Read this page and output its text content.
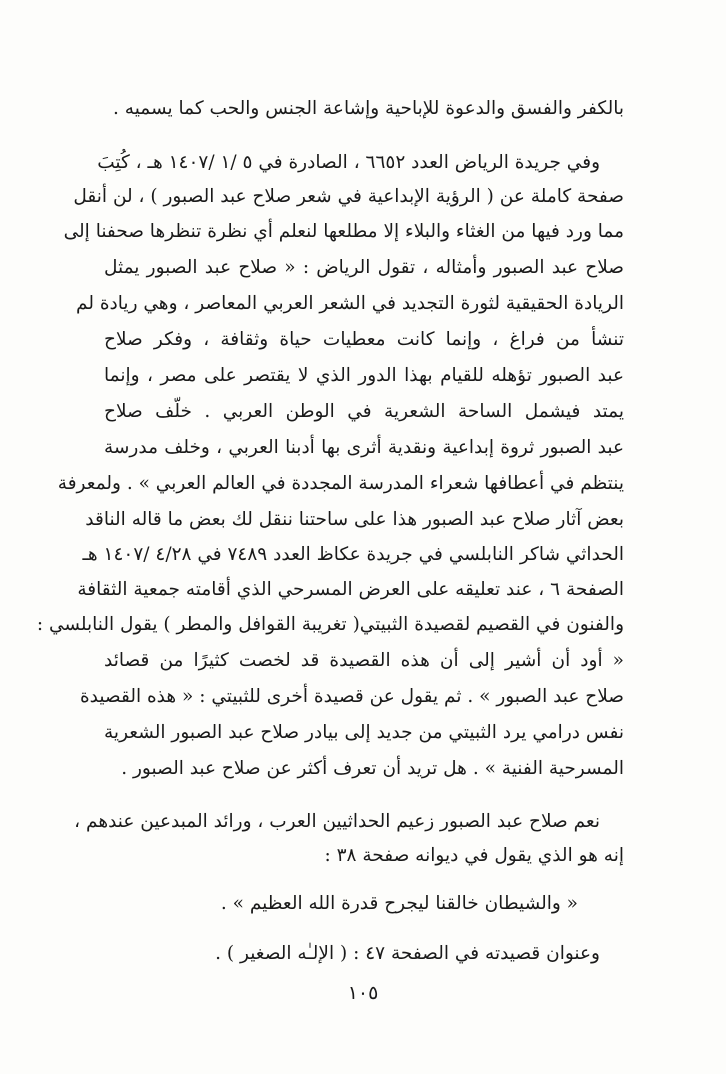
بالكفر والفسق والدعوة للإباحية وإشاعة الجنس والحب كما يسميه .
وفي جريدة الرياض العدد ٦٦٥٢ ، الصادرة في ٥ /١ /١٤٠٧ هـ ، كُتِبَ
صفحة كاملة عن ( الرؤية الإبداعية في شعر صلاح عبد الصبور ) ، لن أنقل
مما ورد فيها من الغثاء والبلاء إلا مطلعها لنعلم أي نظرة تنظرها صحفنا إلى
صلاح عبد الصبور وأمثاله ، تقول الرياض : « صلاح عبد الصبور يمثل
الريادة الحقيقية لثورة التجديد في الشعر العربي المعاصر ، وهي ريادة لم
تنشأ من فراغ ، وإنما كانت معطيات حياة وثقافة ، وفكر صلاح
عبد الصبور تؤهله للقيام بهذا الدور الذي لا يقتصر على مصر ، وإنما
يمتد فيشمل الساحة الشعرية في الوطن العربي . خلّف صلاح
عبد الصبور ثروة إبداعية ونقدية أثرى بها أدبنا العربي ، وخلف مدرسة
ينتظم في أعطافها شعراء المدرسة المجددة في العالم العربي » . ولمعرفة
بعض آثار صلاح عبد الصبور هذا على ساحتنا ننقل لك بعض ما قاله الناقد
الحداثي شاكر النابلسي في جريدة عكاظ العدد ٧٤٨٩ في ٤/٢٨ /١٤٠٧ هـ
الصفحة ٦ ، عند تعليقه على العرض المسرحي الذي أقامته جمعية الثقافة
والفنون في القصيم لقصيدة الثبيتي( تغريبة القوافل والمطر ) يقول النابلسي :
« أود أن أشير إلى أن هذه القصيدة قد لخصت كثيرًا من قصائد
صلاح عبد الصبور » . ثم يقول عن قصيدة أخرى للثبيتي : « هذه القصيدة
نفس درامي يرد الثبيتي من جديد إلى بيادر صلاح عبد الصبور الشعرية
المسرحية الفنية » . هل تريد أن تعرف أكثر عن صلاح عبد الصبور .
نعم صلاح عبد الصبور زعيم الحداثيين العرب ، ورائد المبدعين عندهم ،
إنه هو الذي يقول في ديوانه صفحة ٣٨ :
« والشيطان خالقنا ليجرح قدرة الله العظيم » .
وعنوان قصيدته في الصفحة ٤٧ : ( الإلـٰه الصغير ) .
١٠٥
